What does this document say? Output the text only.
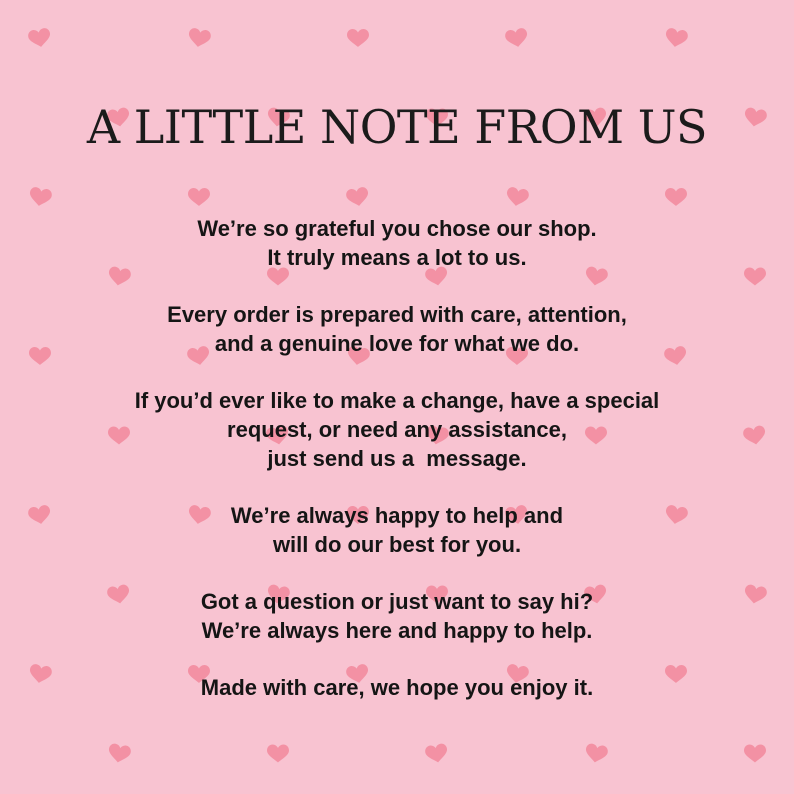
A LITTLE NOTE FROM US

We’re so grateful you chose our shop.
It truly means a lot to us.

Every order is prepared with care, attention,
and a genuine love for what we do.

If you’d ever like to make a change, have a special
request, or need any assistance,
just send us a  message.

We’re always happy to help and
will do our best for you.

Got a question or just want to say hi?
We’re always here and happy to help.

Made with care, we hope you enjoy it.
